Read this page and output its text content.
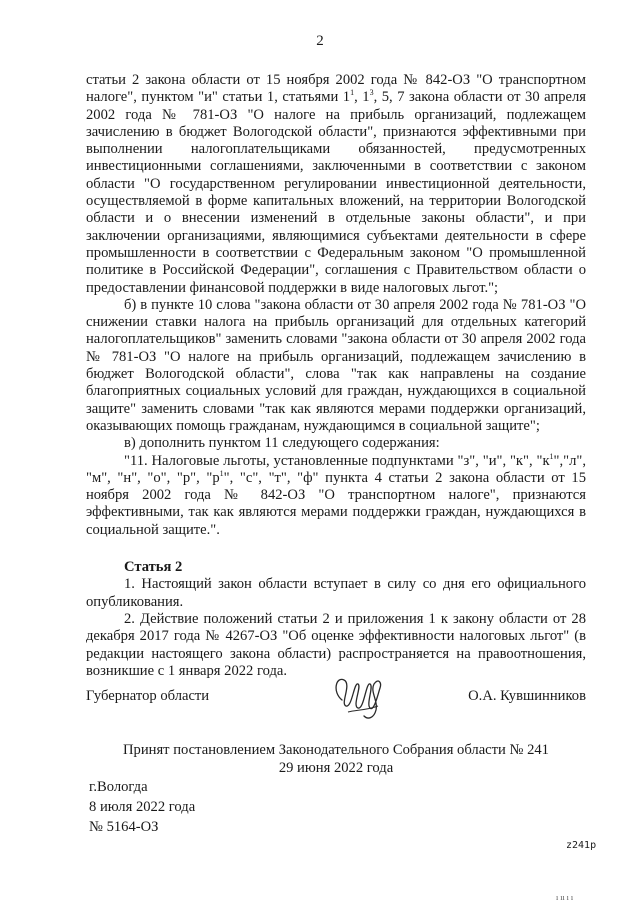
2

статьи 2 закона области от 15 ноября 2002 года № 842-ОЗ "О транспортном налоге", пунктом "и" статьи 1, статьями $1^1$, $1^3$, 5, 7 закона области от 30 апреля 2002 года № 781-ОЗ "О налоге на прибыль организаций, подлежащем зачислению в бюджет Вологодской области", признаются эффективными при выполнении налогоплательщиками обязанностей, предусмотренных инвестиционными соглашениями, заключенными в соответствии с законом области "О государственном регулировании инвестиционной деятельности, осуществляемой в форме капитальных вложений, на территории Вологодской области и о внесении изменений в отдельные законы области", и при заключении организациями, являющимися субъектами деятельности в сфере промышленности в соответствии с Федеральным законом "О промышленной политике в Российской Федерации", соглашения с Правительством области о предоставлении финансовой поддержки в виде налоговых льгот.";

б) в пункте 10 слова "закона области от 30 апреля 2002 года № 781-ОЗ "О снижении ставки налога на прибыль организаций для отдельных категорий налогоплательщиков" заменить словами "закона области от 30 апреля 2002 года № 781-ОЗ "О налоге на прибыль организаций, подлежащем зачислению в бюджет Вологодской области", слова "так как направлены на создание благоприятных социальных условий для граждан, нуждающихся в социальной защите" заменить словами "так как являются мерами поддержки организаций, оказывающих помощь гражданам, нуждающимся в социальной защите";

в) дополнить пунктом 11 следующего содержания:

"11. Налоговые льготы, установленные подпунктами "з", "и", "к", "$к^1","л$", "м", "н", "о", "р", "$р^1$", "с", "т", "ф" пункта 4 статьи 2 закона области от 15 ноября 2002 года № 842-ОЗ "О транспортном налоге", признаются эффективными, так как являются мерами поддержки граждан, нуждающихся в социальной защите.".

Статья 2

1. Настоящий закон области вступает в силу со дня его официального опубликования.

2. Действие положений статьи 2 и приложения 1 к закону области от 28 декабря 2017 года № 4267-ОЗ "Об оценке эффективности налоговых льгот" (в редакции настоящего закона области) распространяется на правоотношения, возникшие с 1 января 2022 года.

Губернатор области	О.А. Кувшинников
Принят постановлением Законодательного Собрания области № 241
29 июня 2022 года
г.Вологда
8 июля 2022 года
№ 5164-ОЗ
z241p
ı ıı ı ı
